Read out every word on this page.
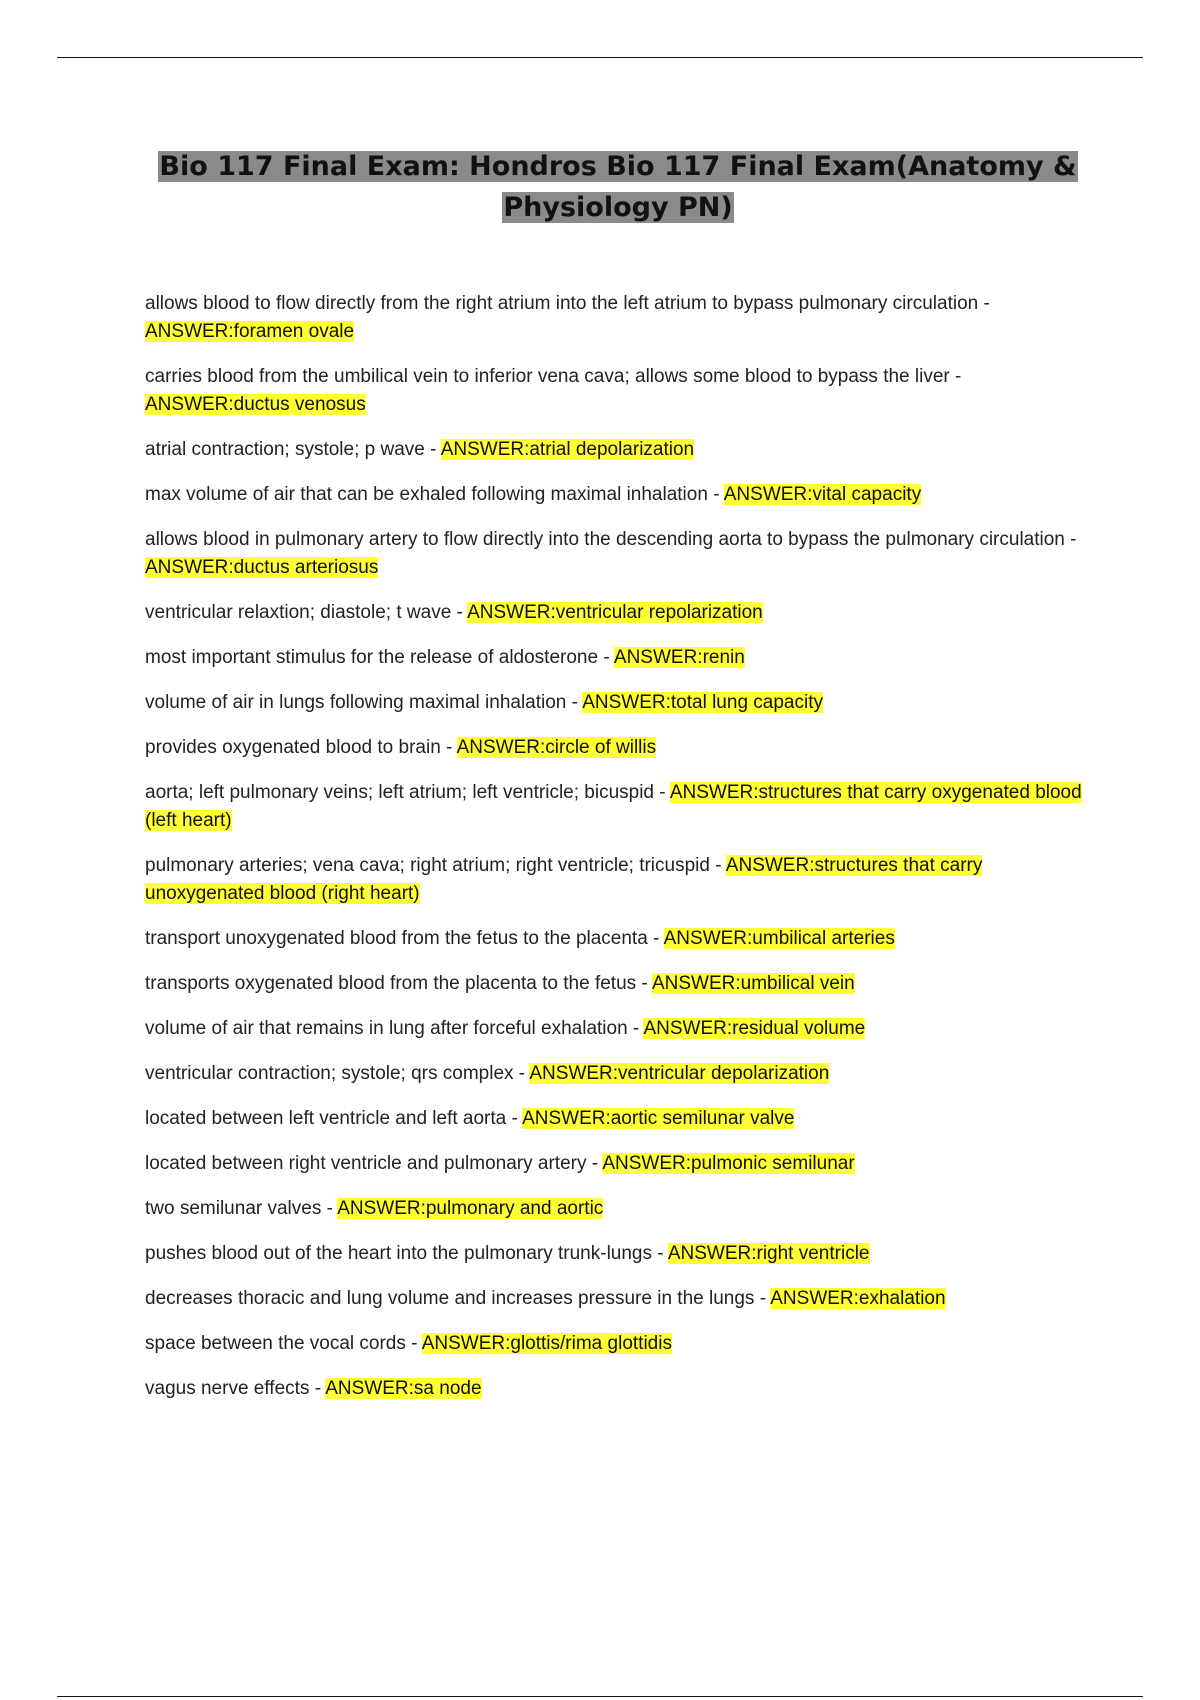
Bio 117 Final Exam: Hondros Bio 117 Final Exam(Anatomy &
Physiology PN)

allows blood to flow directly from the right atrium into the left atrium to bypass pulmonary circulation - ANSWER:foramen ovale

carries blood from the umbilical vein to inferior vena cava; allows some blood to bypass the liver - ANSWER:ductus venosus

atrial contraction; systole; p wave - ANSWER:atrial depolarization

max volume of air that can be exhaled following maximal inhalation - ANSWER:vital capacity

allows blood in pulmonary artery to flow directly into the descending aorta to bypass the pulmonary circulation - ANSWER:ductus arteriosus

ventricular relaxtion; diastole; t wave - ANSWER:ventricular repolarization

most important stimulus for the release of aldosterone - ANSWER:renin

volume of air in lungs following maximal inhalation - ANSWER:total lung capacity

provides oxygenated blood to brain - ANSWER:circle of willis

aorta; left pulmonary veins; left atrium; left ventricle; bicuspid - ANSWER:structures that carry oxygenated blood (left heart)

pulmonary arteries; vena cava; right atrium; right ventricle; tricuspid - ANSWER:structures that carry unoxygenated blood (right heart)

transport unoxygenated blood from the fetus to the placenta - ANSWER:umbilical arteries

transports oxygenated blood from the placenta to the fetus - ANSWER:umbilical vein

volume of air that remains in lung after forceful exhalation - ANSWER:residual volume

ventricular contraction; systole; qrs complex - ANSWER:ventricular depolarization

located between left ventricle and left aorta - ANSWER:aortic semilunar valve

located between right ventricle and pulmonary artery - ANSWER:pulmonic semilunar

two semilunar valves - ANSWER:pulmonary and aortic

pushes blood out of the heart into the pulmonary trunk-lungs - ANSWER:right ventricle

decreases thoracic and lung volume and increases pressure in the lungs - ANSWER:exhalation

space between the vocal cords - ANSWER:glottis/rima glottidis

vagus nerve effects - ANSWER:sa node
